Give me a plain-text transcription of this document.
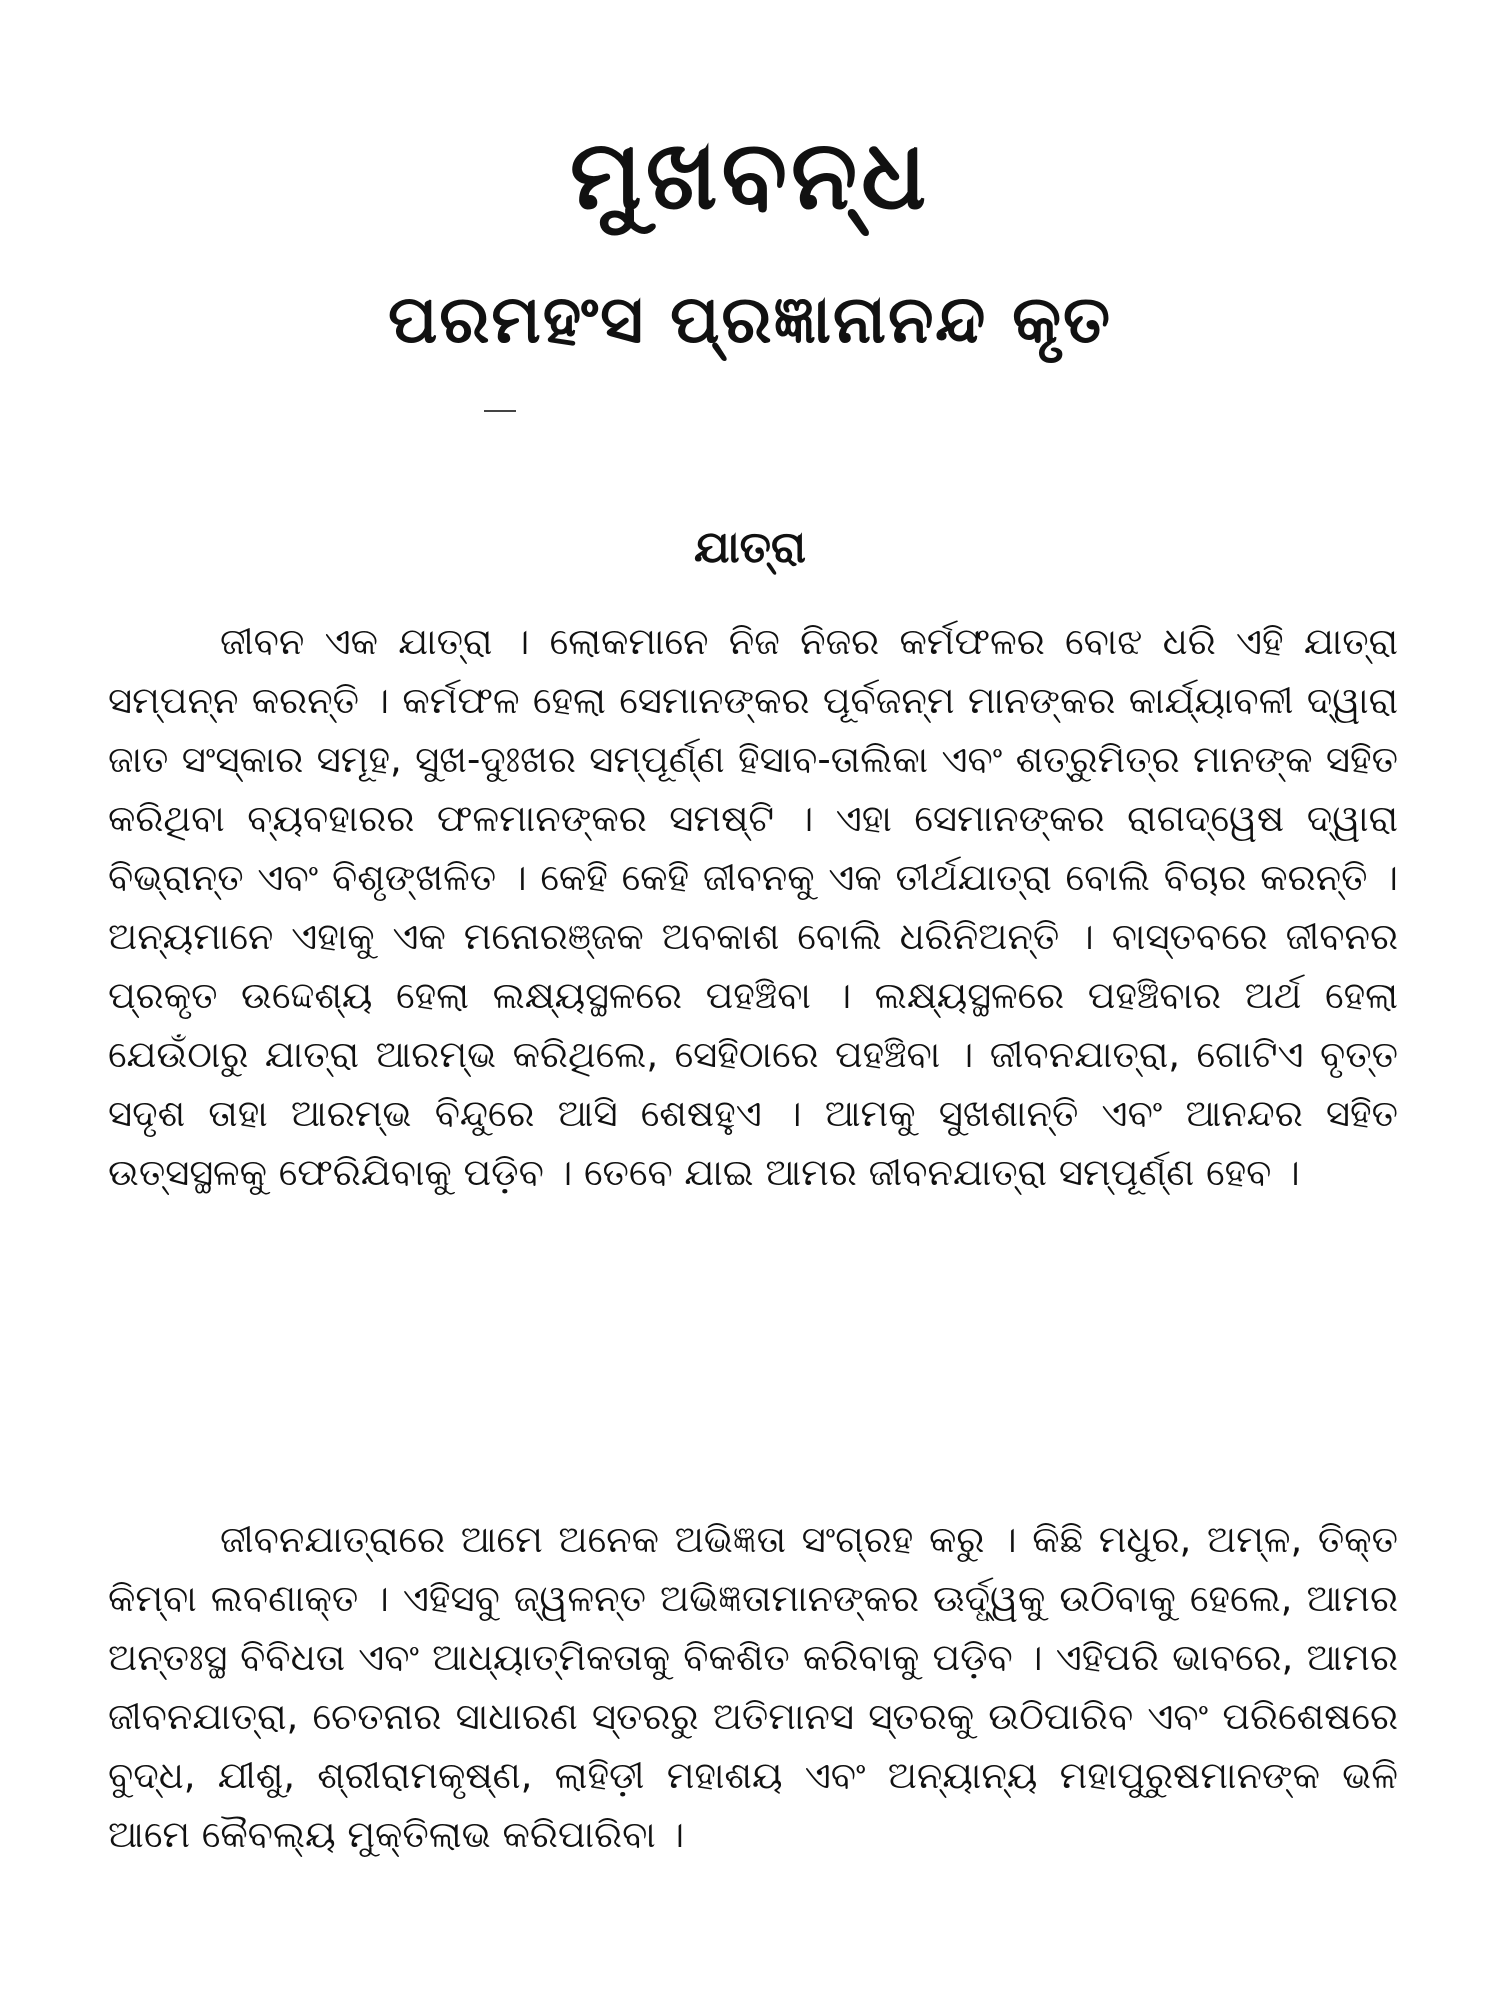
ମୁଖବନ୍ଧ
ପରମହଂସ ପ୍ରଜ୍ଞାନାନନ୍ଦ କୃତ
ଯାତ୍ରା

ଜୀବନ ଏକ ଯାତ୍ରା । ଲୋକମାନେ ନିଜ ନିଜର କର୍ମଫଳର ବୋଝ ଧରି ଏହି ଯାତ୍ରା ସମ୍ପନ୍ନ କରନ୍ତି । କର୍ମଫଳ ହେଲା ସେମାନଙ୍କର ପୂର୍ବଜନ୍ମ ମାନଙ୍କର କାର୍ଯ୍ୟାବଳୀ ଦ୍ୱାରା ଜାତ ସଂସ୍କାର ସମୂହ, ସୁଖ-ଦୁଃଖର ସମ୍ପୂର୍ଣ୍ଣ ହିସାବ-ତାଲିକା ଏବଂ ଶତ୍ରୁମିତ୍ର ମାନଙ୍କ ସହିତ କରିଥିବା ବ୍ୟବହାରର ଫଳମାନଙ୍କର ସମଷ୍ଟି । ଏହା ସେମାନଙ୍କର ରାଗଦ୍ୱେଷ ଦ୍ୱାରା ବିଭ୍ରାନ୍ତ ଏବଂ ବିଶୃଙ୍ଖଳିତ । କେହି କେହି ଜୀବନକୁ ଏକ ତୀର୍ଥଯାତ୍ରା ବୋଲି ବିଚାର କରନ୍ତି । ଅନ୍ୟମାନେ ଏହାକୁ ଏକ ମନୋରଞ୍ଜକ ଅବକାଶ ବୋଲି ଧରିନିଅନ୍ତି । ବାସ୍ତବରେ ଜୀବନର ପ୍ରକୃତ ଉଦ୍ଦେଶ୍ୟ ହେଲା ଲକ୍ଷ୍ୟସ୍ଥଳରେ ପହଞ୍ଚିବା । ଲକ୍ଷ୍ୟସ୍ଥଳରେ ପହଞ୍ଚିବାର ଅର୍ଥ ହେଲା ଯେଉଁଠାରୁ ଯାତ୍ରା ଆରମ୍ଭ କରିଥିଲେ, ସେହିଠାରେ ପହଞ୍ଚିବା । ଜୀବନଯାତ୍ରା, ଗୋଟିଏ ବୃତ୍ତ ସଦୃଶ ତାହା ଆରମ୍ଭ ବିନ୍ଦୁରେ ଆସି ଶେଷହୁଏ । ଆମକୁ ସୁଖଶାନ୍ତି ଏବଂ ଆନନ୍ଦର ସହିତ ଉତ୍ସସ୍ଥଳକୁ ଫେରିଯିବାକୁ ପଡ଼ିବ । ତେବେ ଯାଇ ଆମର ଜୀବନଯାତ୍ରା ସମ୍ପୂର୍ଣ୍ଣ ହେବ ।

ଜୀବନଯାତ୍ରାରେ ଆମେ ଅନେକ ଅଭିଜ୍ଞତା ସଂଗ୍ରହ କରୁ । କିଛି ମଧୁର, ଅମ୍ଳ, ତିକ୍ତ କିମ୍ବା ଲବଣାକ୍ତ । ଏହିସବୁ ଜ୍ୱଳନ୍ତ ଅଭିଜ୍ଞତାମାନଙ୍କର ଊର୍ଦ୍ଧ୍ୱକୁ ଉଠିବାକୁ ହେଲେ, ଆମର ଅନ୍ତଃସ୍ଥ ବିବିଧତା ଏବଂ ଆଧ୍ୟାତ୍ମିକତାକୁ ବିକଶିତ କରିବାକୁ ପଡ଼ିବ । ଏହିପରି ଭାବରେ, ଆମର ଜୀବନଯାତ୍ରା, ଚେତନାର ସାଧାରଣ ସ୍ତରରୁ ଅତିମାନସ ସ୍ତରକୁ ଉଠିପାରିବ ଏବଂ ପରିଶେଷରେ ବୁଦ୍ଧ, ଯୀଶୁ, ଶ୍ରୀରାମକୃଷ୍ଣ, ଲାହିଡ଼ୀ ମହାଶୟ ଏବଂ ଅନ୍ୟାନ୍ୟ ମହାପୁରୁଷମାନଙ୍କ ଭଳି ଆମେ କୈବଲ୍ୟ ମୁକ୍ତିଲାଭ କରିପାରିବା ।
